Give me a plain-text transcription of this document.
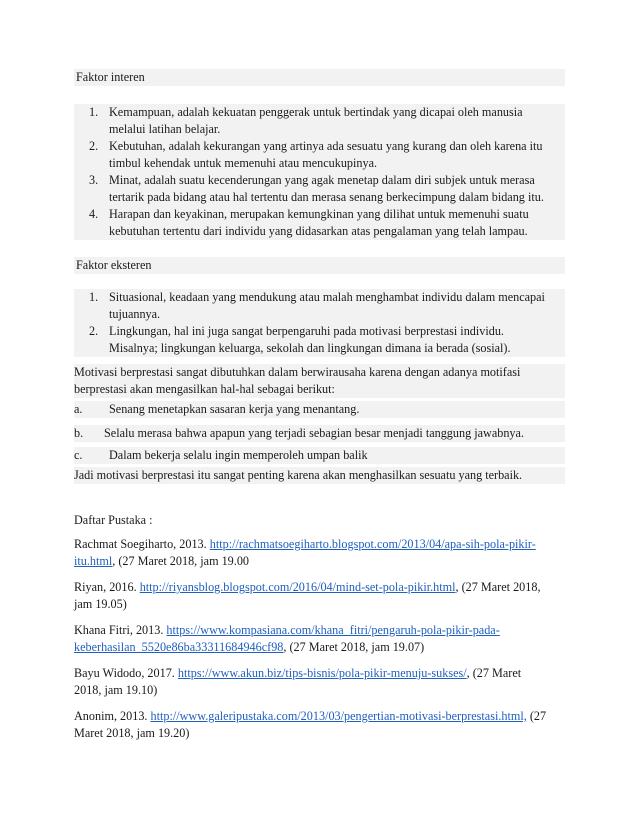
Faktor interen
1. Kemampuan, adalah kekuatan penggerak untuk bertindak yang dicapai oleh manusia
melalui latihan belajar.
2. Kebutuhan, adalah kekurangan yang artinya ada sesuatu yang kurang dan oleh karena itu
timbul kehendak untuk memenuhi atau mencukupinya.
3. Minat, adalah suatu kecenderungan yang agak menetap dalam diri subjek untuk merasa
tertarik pada bidang atau hal tertentu dan merasa senang berkecimpung dalam bidang itu.
4. Harapan dan keyakinan, merupakan kemungkinan yang dilihat untuk memenuhi suatu
kebutuhan tertentu dari individu yang didasarkan atas pengalaman yang telah lampau.
Faktor eksteren
1. Situasional, keadaan yang mendukung atau malah menghambat individu dalam mencapai
tujuannya.
2. Lingkungan, hal ini juga sangat berpengaruhi pada motivasi berprestasi individu.
Misalnya; lingkungan keluarga, sekolah dan lingkungan dimana ia berada (sosial).
Motivasi berprestasi sangat dibutuhkan dalam berwirausaha karena dengan adanya motifasi
berprestasi akan mengasilkan hal-hal sebagai berikut:
a. Senang menetapkan sasaran kerja yang menantang.
b. Selalu merasa bahwa apapun yang terjadi sebagian besar menjadi tanggung jawabnya.
c. Dalam bekerja selalu ingin memperoleh umpan balik
Jadi motivasi berprestasi itu sangat penting karena akan menghasilkan sesuatu yang terbaik.
Daftar Pustaka :
Rachmat Soegiharto, 2013. http://rachmatsoegiharto.blogspot.com/2013/04/apa-sih-pola-pikir-
itu.html, (27 Maret 2018, jam 19.00
Riyan, 2016. http://riyansblog.blogspot.com/2016/04/mind-set-pola-pikir.html, (27 Maret 2018,
jam 19.05)
Khana Fitri, 2013. https://www.kompasiana.com/khana_fitri/pengaruh-pola-pikir-pada-
keberhasilan_5520e86ba33311684946cf98, (27 Maret 2018, jam 19.07)
Bayu Widodo, 2017. https://www.akun.biz/tips-bisnis/pola-pikir-menuju-sukses/, (27 Maret
2018, jam 19.10)
Anonim, 2013. http://www.galeripustaka.com/2013/03/pengertian-motivasi-berprestasi.html, (27
Maret 2018, jam 19.20)
